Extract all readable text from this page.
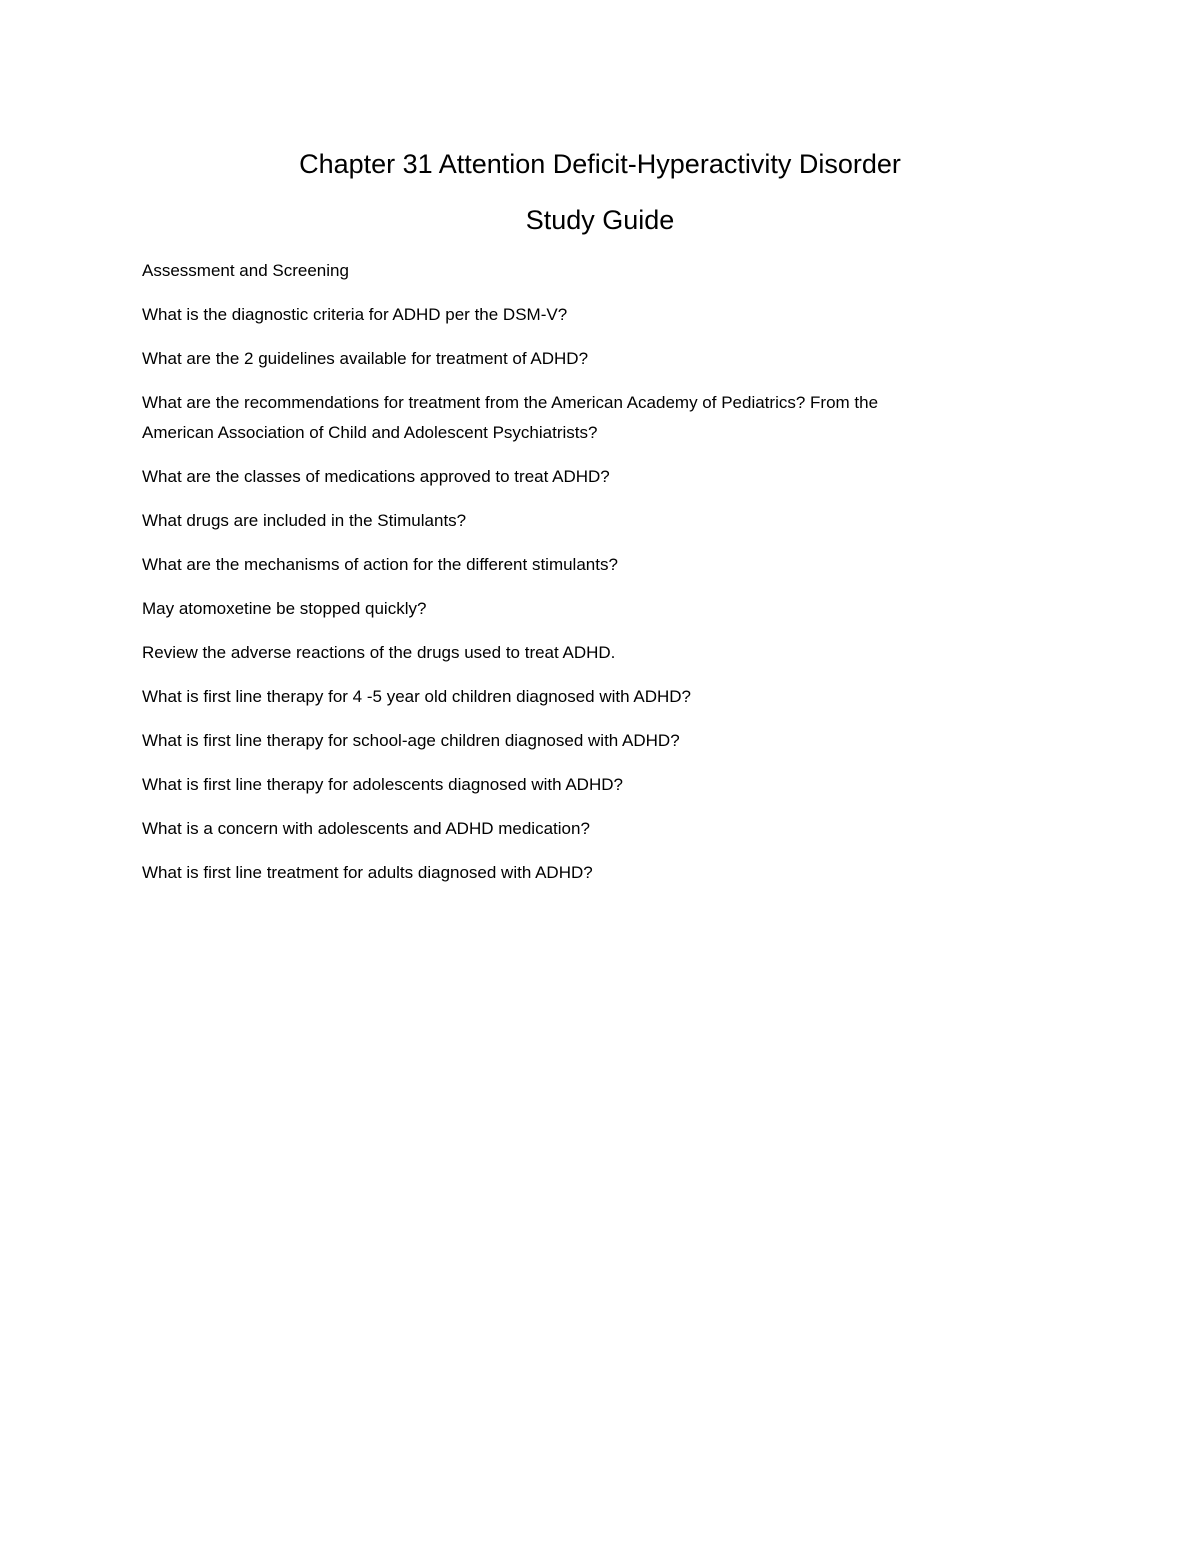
Chapter 31 Attention Deficit-Hyperactivity Disorder
Study Guide

Assessment and Screening

What is the diagnostic criteria for ADHD per the DSM-V?
What are the 2 guidelines available for treatment of ADHD?
What are the recommendations for treatment from the American Academy of Pediatrics? From the
American Association of Child and Adolescent Psychiatrists?
What are the classes of medications approved to treat ADHD?
What drugs are included in the Stimulants?
What are the mechanisms of action for the different stimulants?
May atomoxetine be stopped quickly?
Review the adverse reactions of the drugs used to treat ADHD.
What is first line therapy for 4 -5 year old children diagnosed with ADHD?
What is first line therapy for school-age children diagnosed with ADHD?
What is first line therapy for adolescents diagnosed with ADHD?
What is a concern with adolescents and ADHD medication?
What is first line treatment for adults diagnosed with ADHD?
